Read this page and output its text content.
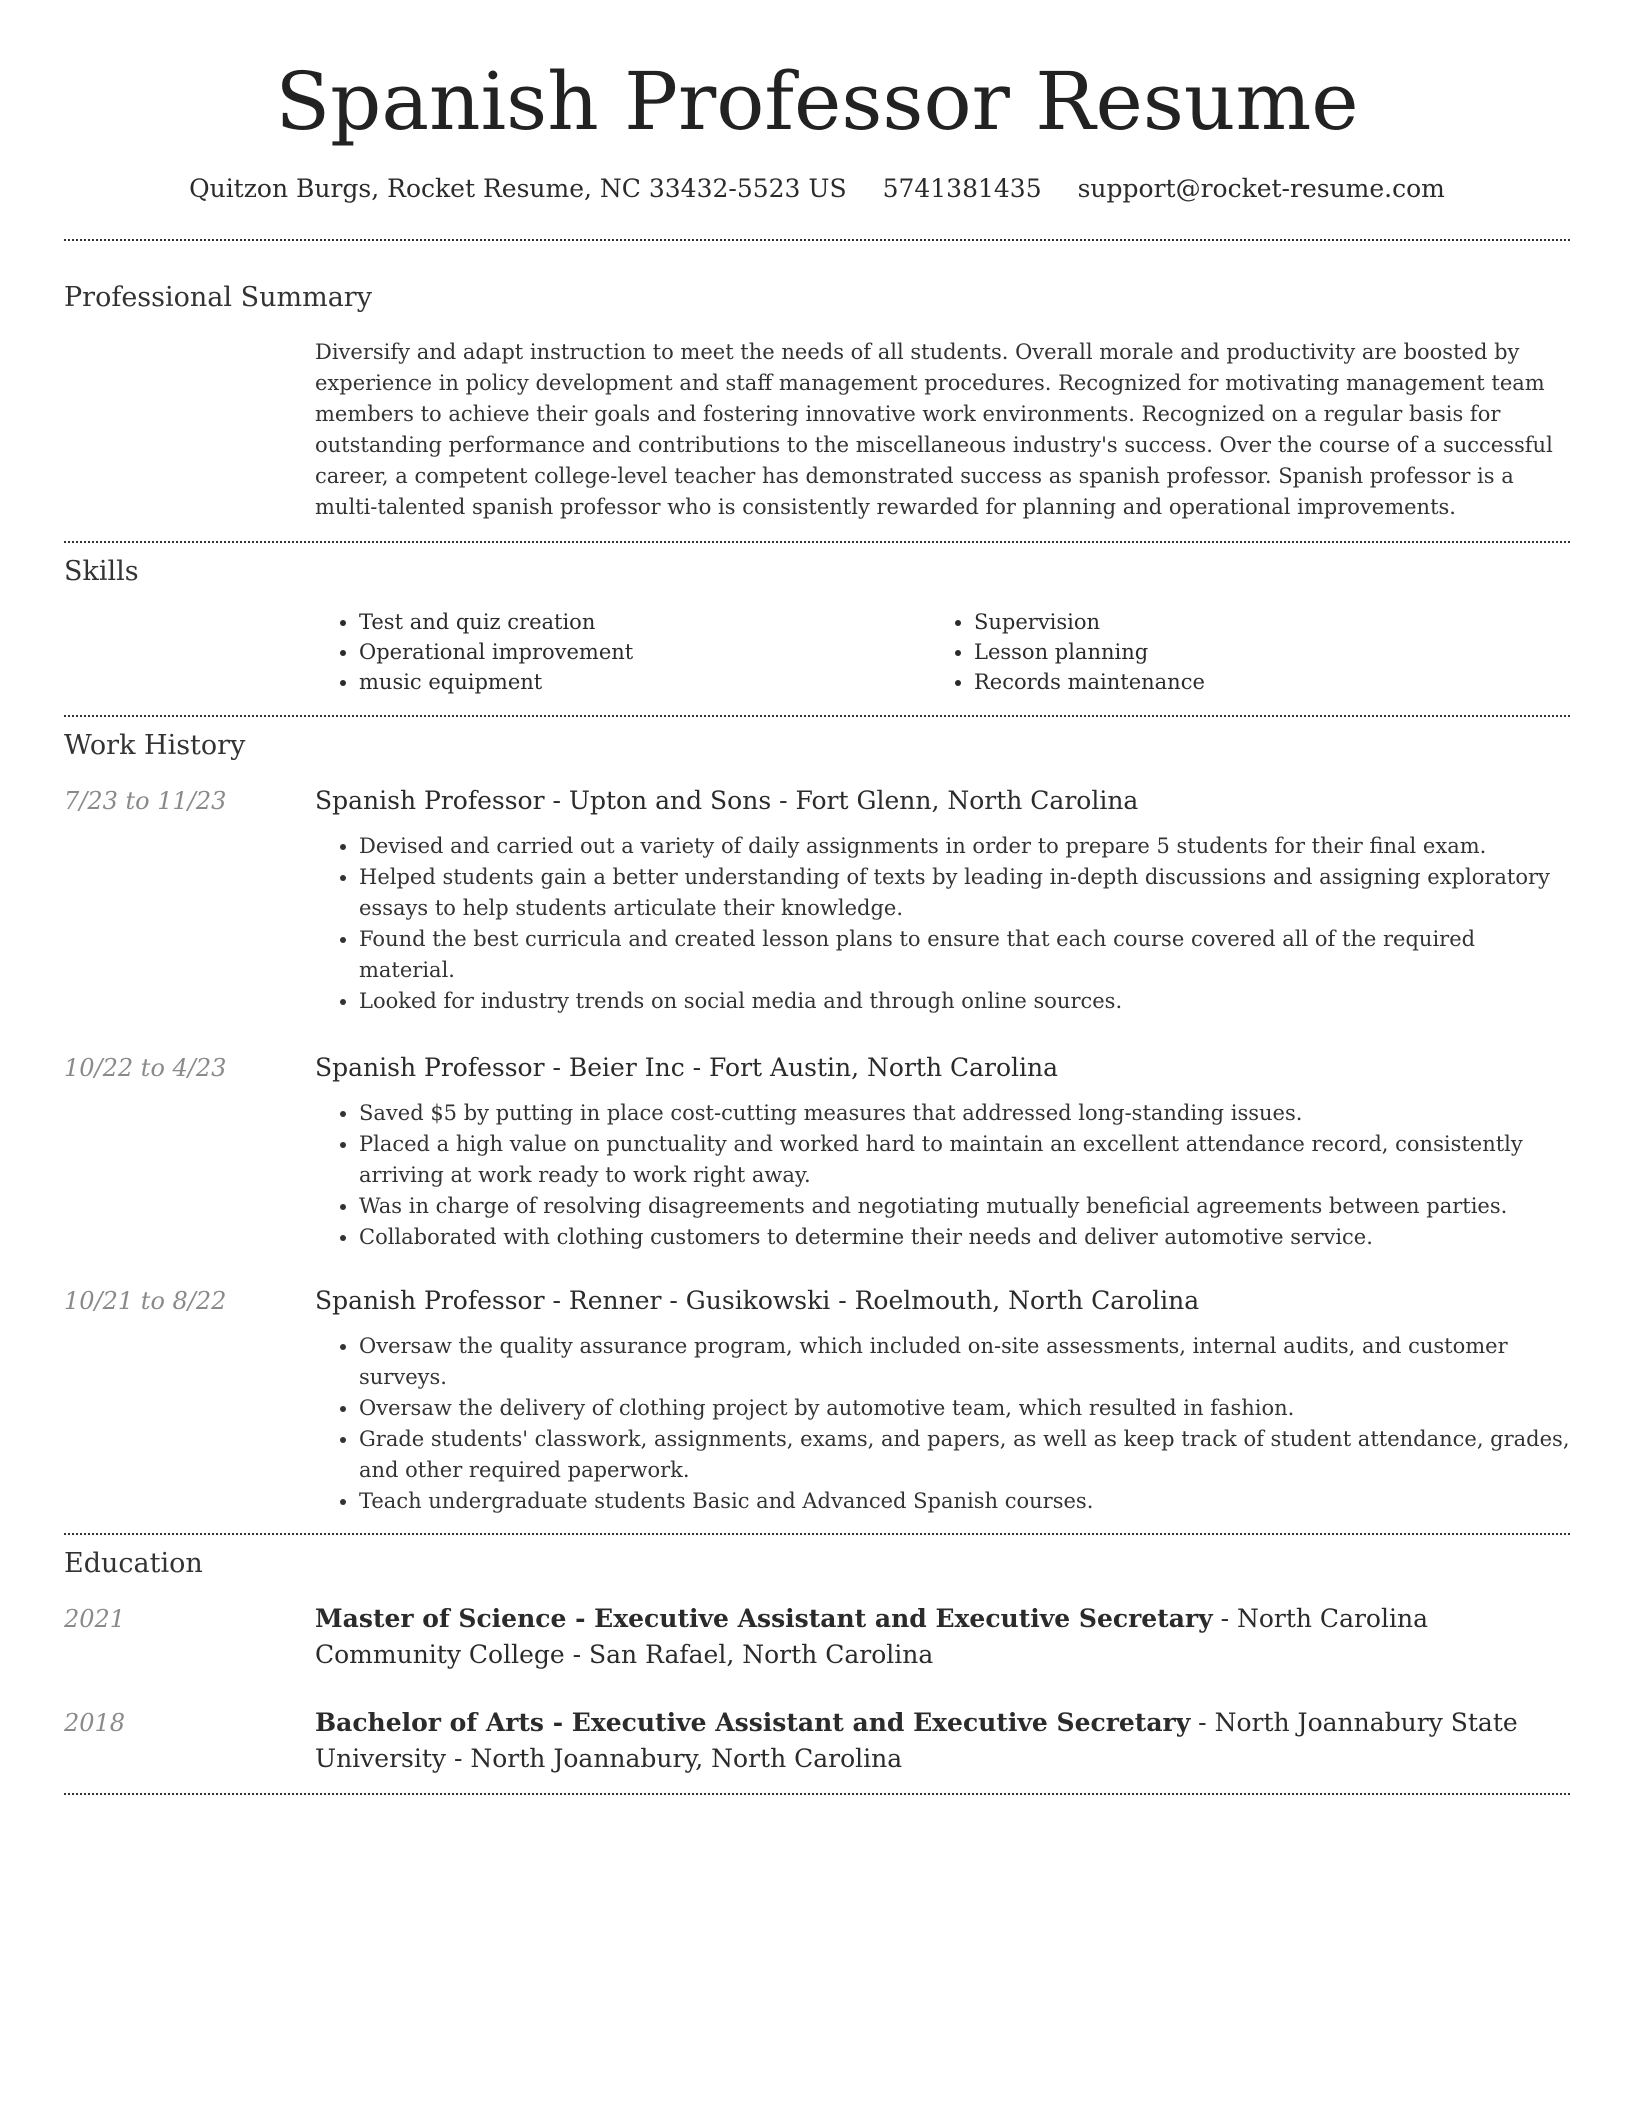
Spanish Professor Resume
Quitzon Burgs, Rocket Resume, NC 33432-5523 US 5741381435 support@rocket-resume.com
Professional Summary
Diversify and adapt instruction to meet the needs of all students. Overall morale and productivity are boosted by experience in policy development and staff management procedures. Recognized for motivating management team members to achieve their goals and fostering innovative work environments. Recognized on a regular basis for outstanding performance and contributions to the miscellaneous industry's success. Over the course of a successful career, a competent college-level teacher has demonstrated success as spanish professor. Spanish professor is a multi-talented spanish professor who is consistently rewarded for planning and operational improvements.
Skills
• Test and quiz creation
• Operational improvement
• music equipment
• Supervision
• Lesson planning
• Records maintenance
Work History
7/23 to 11/23	Spanish Professor - Upton and Sons - Fort Glenn, North Carolina
• Devised and carried out a variety of daily assignments in order to prepare 5 students for their final exam.
• Helped students gain a better understanding of texts by leading in-depth discussions and assigning exploratory essays to help students articulate their knowledge.
• Found the best curricula and created lesson plans to ensure that each course covered all of the required material.
• Looked for industry trends on social media and through online sources.
10/22 to 4/23	Spanish Professor - Beier Inc - Fort Austin, North Carolina
• Saved $5 by putting in place cost-cutting measures that addressed long-standing issues.
• Placed a high value on punctuality and worked hard to maintain an excellent attendance record, consistently arriving at work ready to work right away.
• Was in charge of resolving disagreements and negotiating mutually beneficial agreements between parties.
• Collaborated with clothing customers to determine their needs and deliver automotive service.
10/21 to 8/22	Spanish Professor - Renner - Gusikowski - Roelmouth, North Carolina
• Oversaw the quality assurance program, which included on-site assessments, internal audits, and customer surveys.
• Oversaw the delivery of clothing project by automotive team, which resulted in fashion.
• Grade students' classwork, assignments, exams, and papers, as well as keep track of student attendance, grades, and other required paperwork.
• Teach undergraduate students Basic and Advanced Spanish courses.
Education
2021	Master of Science - Executive Assistant and Executive Secretary - North Carolina Community College - San Rafael, North Carolina
2018	Bachelor of Arts - Executive Assistant and Executive Secretary - North Joannabury State University - North Joannabury, North Carolina
